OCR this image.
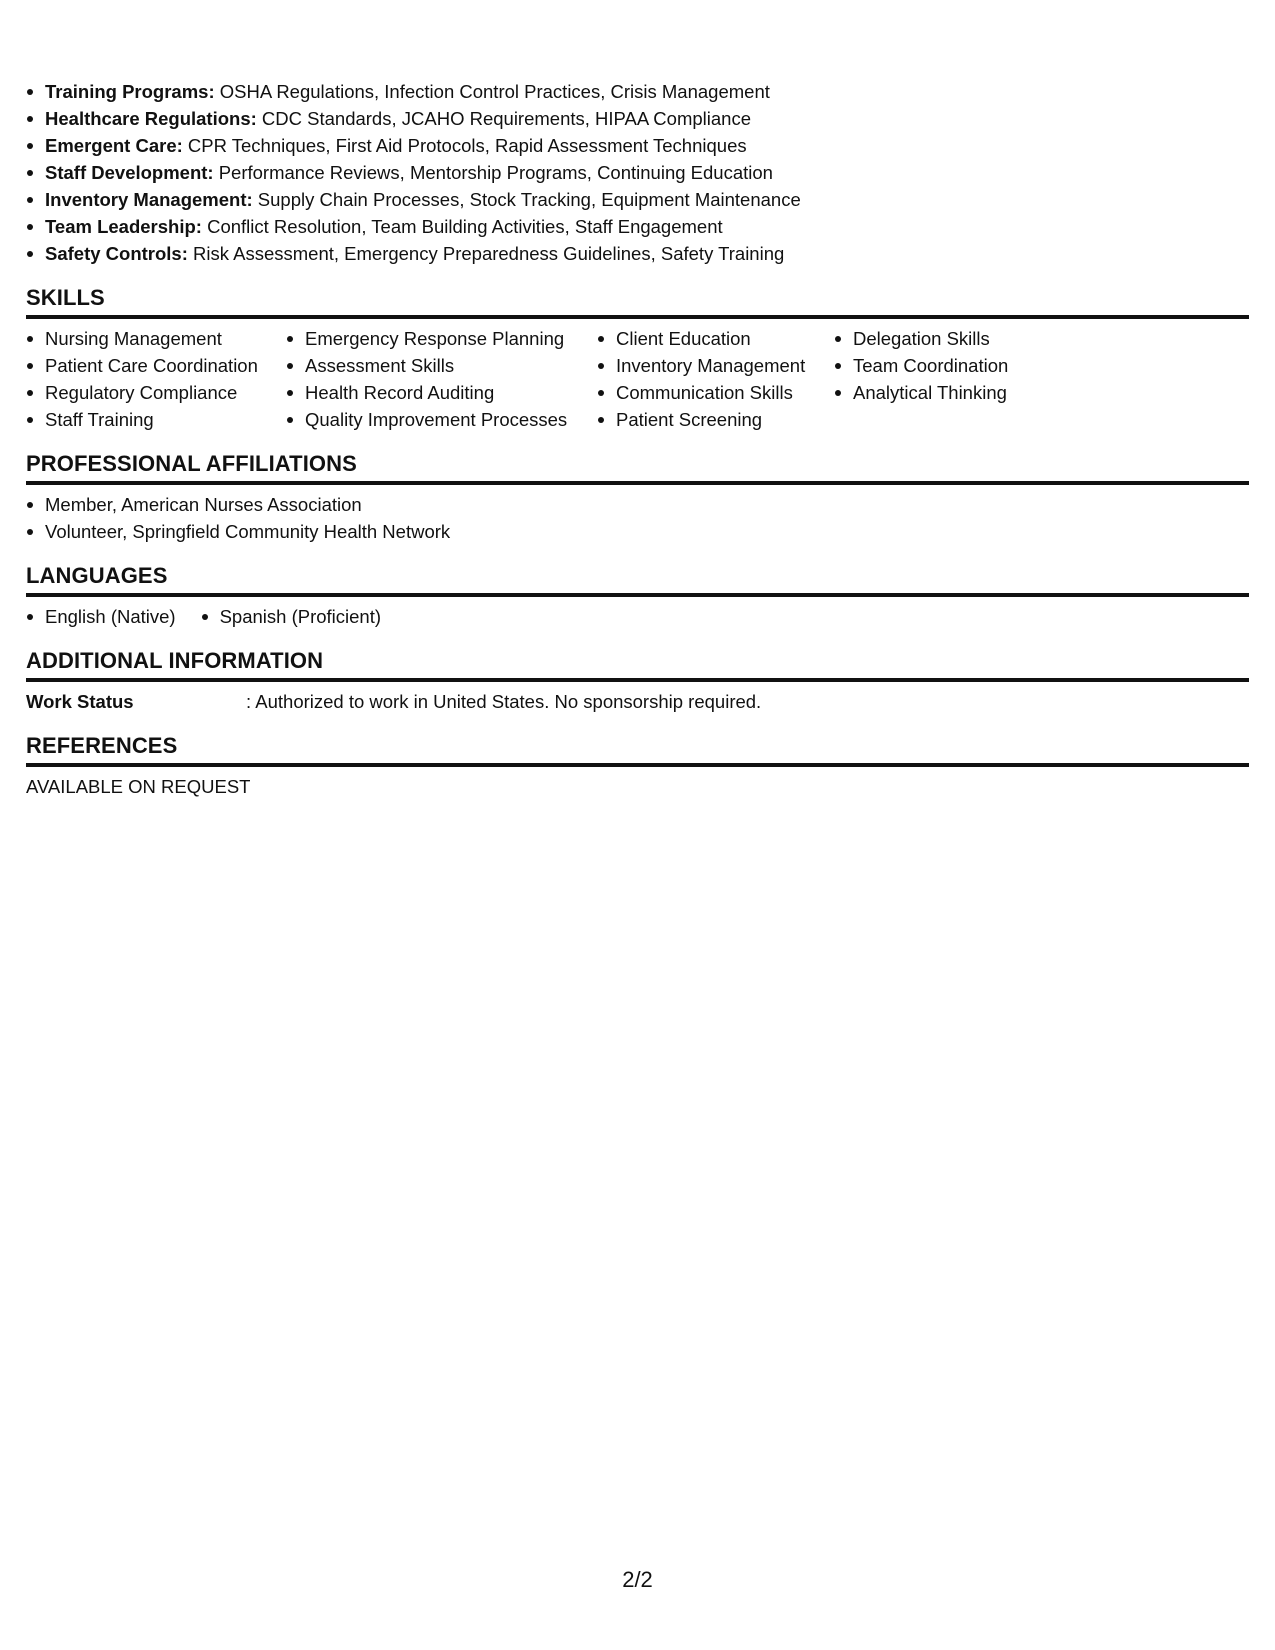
Training Programs: OSHA Regulations, Infection Control Practices, Crisis Management
Healthcare Regulations: CDC Standards, JCAHO Requirements, HIPAA Compliance
Emergent Care: CPR Techniques, First Aid Protocols, Rapid Assessment Techniques
Staff Development: Performance Reviews, Mentorship Programs, Continuing Education
Inventory Management: Supply Chain Processes, Stock Tracking, Equipment Maintenance
Team Leadership: Conflict Resolution, Team Building Activities, Staff Engagement
Safety Controls: Risk Assessment, Emergency Preparedness Guidelines, Safety Training
SKILLS
Nursing Management
Patient Care Coordination
Regulatory Compliance
Staff Training
Emergency Response Planning
Assessment Skills
Health Record Auditing
Quality Improvement Processes
Client Education
Inventory Management
Communication Skills
Patient Screening
Delegation Skills
Team Coordination
Analytical Thinking
PROFESSIONAL AFFILIATIONS
Member, American Nurses Association
Volunteer, Springfield Community Health Network
LANGUAGES
English (Native)	Spanish (Proficient)
ADDITIONAL INFORMATION
Work Status	: Authorized to work in United States. No sponsorship required.
REFERENCES
AVAILABLE ON REQUEST
2/2
